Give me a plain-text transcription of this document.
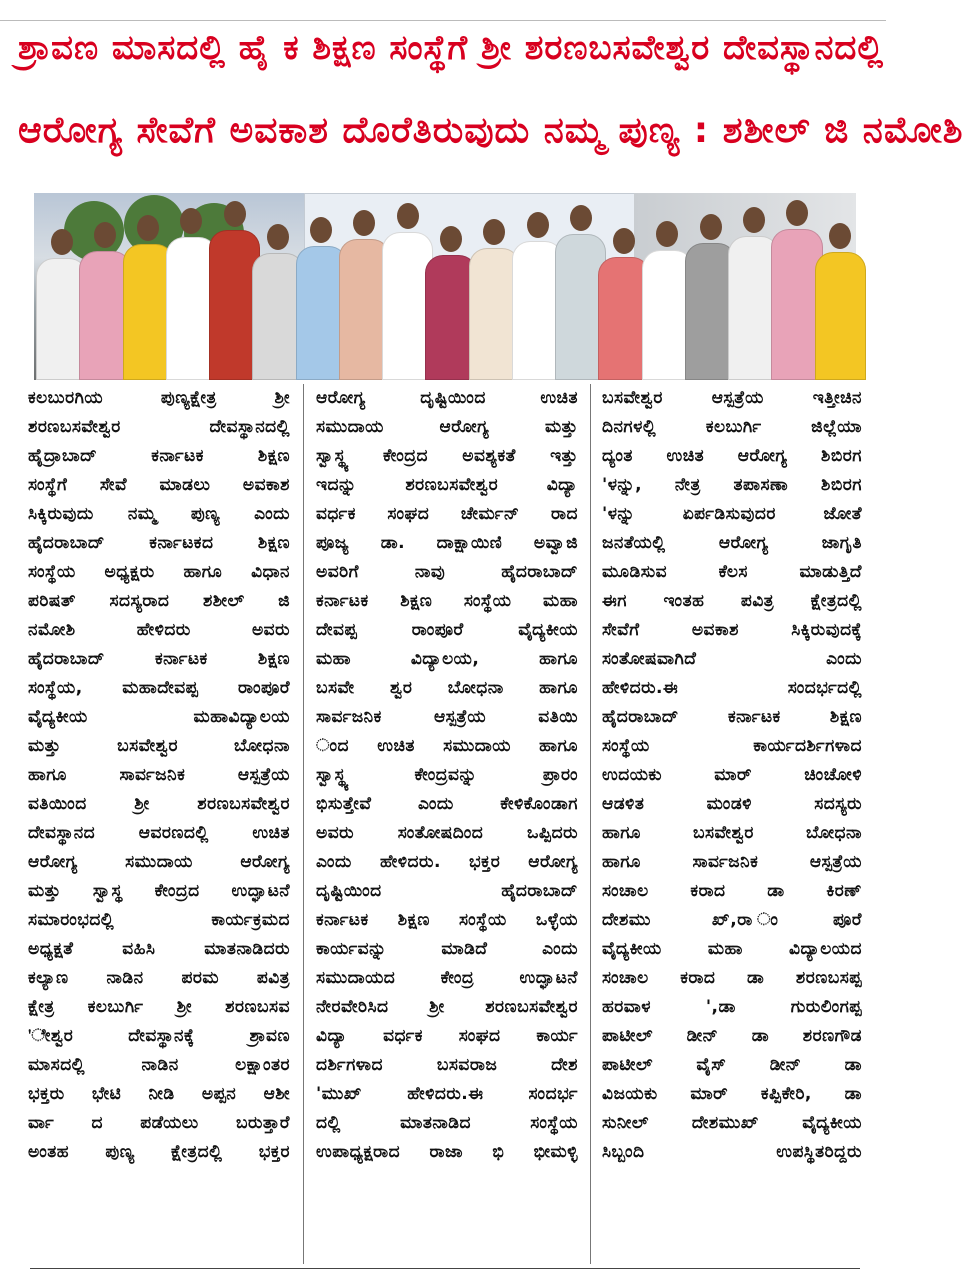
ಶ್ರಾವಣ ಮಾಸದಲ್ಲಿ ಹೈ ಕ ಶಿಕ್ಷಣ ಸಂಸ್ಥೆಗೆ ಶ್ರೀ ಶರಣಬಸವೇಶ್ವರ ದೇವಸ್ಥಾನದಲ್ಲಿ
ಆರೋಗ್ಯ ಸೇವೆಗೆ ಅವಕಾಶ ದೊರೆತಿರುವುದು ನಮ್ಮ ಪುಣ್ಯ : ಶಶೀಲ್ ಜಿ ನಮೋಶಿ
ಕಲಬುರಗಿಯ ಪುಣ್ಯಕ್ಷೇತ್ರ ಶ್ರೀ
ಶರಣಬಸವೇಶ್ವರ ದೇವಸ್ಥಾನದಲ್ಲಿ
ಹೈದ್ರಾಬಾದ್ ಕರ್ನಾಟಕ ಶಿಕ್ಷಣ
ಸಂಸ್ಥೆಗೆ ಸೇವೆ ಮಾಡಲು ಅವಕಾಶ
ಸಿಕ್ಕಿರುವುದು ನಮ್ಮ ಪುಣ್ಯ ಎಂದು
ಹೈದರಾಬಾದ್ ಕರ್ನಾಟಕದ ಶಿಕ್ಷಣ
ಸಂಸ್ಥೆಯ ಅಧ್ಯಕ್ಷರು ಹಾಗೂ ವಿಧಾನ
ಪರಿಷತ್ ಸದಸ್ಯರಾದ ಶಶೀಲ್ ಜಿ
ನಮೋಶಿ ಹೇಳಿದರು ಅವರು
ಹೈದರಾಬಾದ್ ಕರ್ನಾಟಕ ಶಿಕ್ಷಣ
ಸಂಸ್ಥೆಯ, ಮಹಾದೇವಪ್ಪ ರಾಂಪೂರೆ
ವೈದ್ಯಕೀಯ ಮಹಾವಿದ್ಯಾಲಯ
ಮತ್ತು ಬಸವೇಶ್ವರ ಬೋಧನಾ
ಹಾಗೂ ಸಾರ್ವಜನಿಕ ಆಸ್ಪತ್ರೆಯ
ವತಿಯಿಂದ ಶ್ರೀ ಶರಣಬಸವೇಶ್ವರ
ದೇವಸ್ಥಾನದ ಆವರಣದಲ್ಲಿ ಉಚಿತ
ಆರೋಗ್ಯ ಸಮುದಾಯ ಆರೋಗ್ಯ
ಮತ್ತು ಸ್ವಾಸ್ಥ ಕೇಂದ್ರದ ಉದ್ಘಾಟನೆ
ಸಮಾರಂಭದಲ್ಲಿ ಕಾರ್ಯಕ್ರಮದ
ಅಧ್ಯಕ್ಷತೆ ವಹಿಸಿ ಮಾತನಾಡಿದರು
ಕಲ್ಯಾಣ ನಾಡಿನ ಪರಮ ಪವಿತ್ರ
ಕ್ಷೇತ್ರ ಕಲಬುರ್ಗಿ ಶ್ರೀ ಶರಣಬಸವ
'ೇಶ್ವರ ದೇವಸ್ಥಾನಕ್ಕೆ ಶ್ರಾವಣ
ಮಾಸದಲ್ಲಿ ನಾಡಿನ ಲಕ್ಷಾಂತರ
ಭಕ್ತರು ಭೇಟಿ ನೀಡಿ ಅಪ್ಪನ ಆಶೀ
ರ್ವಾ ದ ಪಡೆಯಲು ಬರುತ್ತಾರೆ
ಅಂತಹ ಪುಣ್ಯ ಕ್ಷೇತ್ರದಲ್ಲಿ ಭಕ್ತರ
ಆರೋಗ್ಯ ದೃಷ್ಟಿಯಿಂದ ಉಚಿತ
ಸಮುದಾಯ ಆರೋಗ್ಯ ಮತ್ತು
ಸ್ವಾಸ್ಥ್ಯ ಕೇಂದ್ರದ ಅವಶ್ಯಕತೆ ಇತ್ತು
ಇದನ್ನು ಶರಣಬಸವೇಶ್ವರ ವಿದ್ಯಾ
ವರ್ಧಕ ಸಂಘದ ಚೇರ್ಮನ್ ರಾದ
ಪೂಜ್ಯ ಡಾ. ದಾಕ್ಷಾಯಿಣಿ ಅವ್ವಾಜಿ
ಅವರಿಗೆ ನಾವು ಹೈದರಾಬಾದ್
ಕರ್ನಾಟಕ ಶಿಕ್ಷಣ ಸಂಸ್ಥೆಯ ಮಹಾ
ದೇವಪ್ಪ ರಾಂಪೂರೆ ವೈದ್ಯಕೀಯ
ಮಹಾ ವಿದ್ಯಾಲಯ, ಹಾಗೂ
ಬಸವೇ ಶ್ವರ ಬೋಧನಾ ಹಾಗೂ
ಸಾರ್ವಜನಿಕ ಆಸ್ಪತ್ರೆಯ ವತಿಯಿ
ಂದ ಉಚಿತ ಸಮುದಾಯ ಹಾಗೂ
ಸ್ವಾಸ್ಥ್ಯ ಕೇಂದ್ರವನ್ನು ಪ್ರಾರಂ
ಭಿಸುತ್ತೇವೆ ಎಂದು ಕೇಳಿಕೊಂಡಾಗ
ಅವರು ಸಂತೋಷದಿಂದ ಒಪ್ಪಿದರು
ಎಂದು ಹೇಳಿದರು. ಭಕ್ತರ ಆರೋಗ್ಯ
ದೃಷ್ಟಿಯಿಂದ ಹೈದರಾಬಾದ್
ಕರ್ನಾಟಕ ಶಿಕ್ಷಣ ಸಂಸ್ಥೆಯ ಒಳ್ಳೆಯ
ಕಾರ್ಯವನ್ನು ಮಾಡಿದೆ ಎಂದು
ಸಮುದಾಯದ ಕೇಂದ್ರ ಉದ್ಘಾಟನೆ
ನೇರವೇರಿಸಿದ ಶ್ರೀ ಶರಣಬಸವೇಶ್ವರ
ವಿದ್ಯಾ ವರ್ಧಕ ಸಂಘದ ಕಾರ್ಯ
ದರ್ಶಿಗಳಾದ ಬಸವರಾಜ ದೇಶ
'ಮುಖ್ ಹೇಳಿದರು.ಈ ಸಂದರ್ಭ
ದಲ್ಲಿ ಮಾತನಾಡಿದ ಸಂಸ್ಥೆಯ
ಉಪಾಧ್ಯಕ್ಷರಾದ ರಾಜಾ ಭಿ ಭೀಮಳ್ಳಿ
ಬಸವೇಶ್ವರ ಆಸ್ಪತ್ರೆಯ ಇತ್ತೀಚಿನ
ದಿನಗಳಲ್ಲಿ ಕಲಬುರ್ಗಿ ಜಿಲ್ಲೆಯಾ
ದ್ಯಂತ ಉಚಿತ ಆರೋಗ್ಯ ಶಿಬಿರಗ
'ಳನ್ನು, ನೇತ್ರ ತಪಾಸಣಾ ಶಿಬಿರಗ
'ಳನ್ನು ಏರ್ಪಡಿಸುವುದರ ಜೋತೆ
ಜನತೆಯಲ್ಲಿ ಆರೋಗ್ಯ ಜಾಗೃತಿ
ಮೂಡಿಸುವ ಕೆಲಸ ಮಾಡುತ್ತಿದೆ
ಈಗ ಇಂತಹ ಪವಿತ್ರ ಕ್ಷೇತ್ರದಲ್ಲಿ
ಸೇವೆಗೆ ಅವಕಾಶ ಸಿಕ್ಕಿರುವುದಕ್ಕೆ
ಸಂತೋಷವಾಗಿದೆ ಎಂದು
ಹೇಳಿದರು.ಈ ಸಂದರ್ಭದಲ್ಲಿ
ಹೈದರಾಬಾದ್ ಕರ್ನಾಟಕ ಶಿಕ್ಷಣ
ಸಂಸ್ಥೆಯ ಕಾರ್ಯದರ್ಶಿಗಳಾದ
ಉದಯಕು ಮಾರ್ ಚಿಂಚೋಳಿ
ಆಡಳಿತ ಮಂಡಳಿ ಸದಸ್ಯರು
ಹಾಗೂ ಬಸವೇಶ್ವರ ಬೋಧನಾ
ಹಾಗೂ ಸಾರ್ವಜನಿಕ ಆಸ್ಪತ್ರೆಯ
ಸಂಚಾಲ ಕರಾದ ಡಾ ಕಿರಣ್
ದೇಶಮು ಖ್,ರಾ ಂಪೂರೆ
ವೈದ್ಯಕೀಯ ಮಹಾ ವಿದ್ಯಾಲಯದ
ಸಂಚಾಲ ಕರಾದ ಡಾ ಶರಣಬಸಪ್ಪ
ಹರವಾಳ ',ಡಾ ಗುರುಲಿಂಗಪ್ಪ
ಪಾಟೀಲ್ ಡೀನ್ ಡಾ ಶರಣಗೌಡ
ಪಾಟೀಲ್ ವೈಸ್ ಡೀನ್ ಡಾ
ವಿಜಯಕು ಮಾರ್ ಕಪ್ಪಿಕೇರಿ, ಡಾ
ಸುನೀಲ್ ದೇಶಮುಖ್ ವೈದ್ಯಕೀಯ
ಸಿಬ್ಬಂದಿ ಉಪಸ್ಥಿತರಿದ್ದರು
